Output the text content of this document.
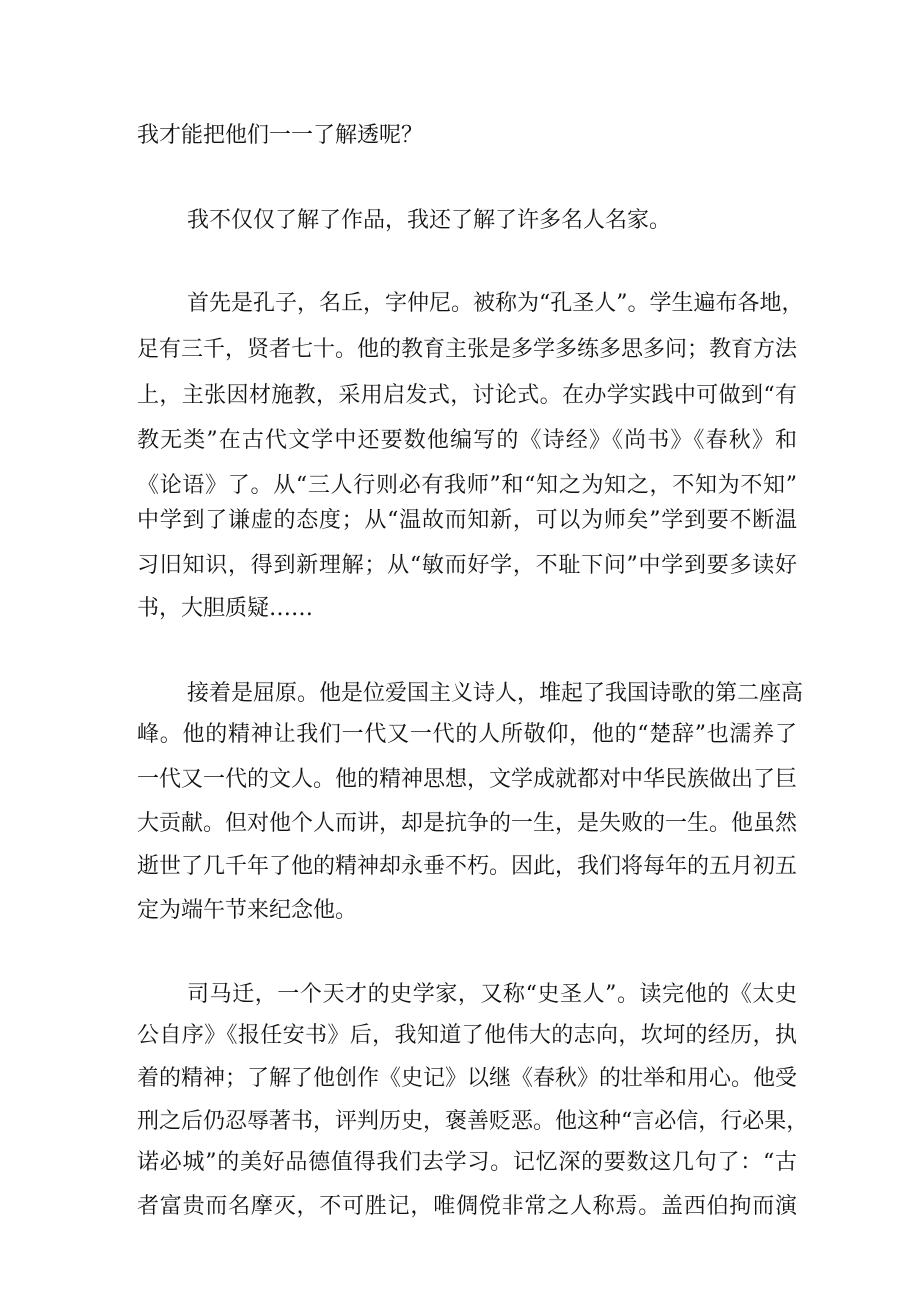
我才能把他们一一了解透呢？

我不仅仅了解了作品，我还了解了许多名人名家。

首先是孔子，名丘，字仲尼。被称为“孔圣人”。学生遍布各地，

足有三千，贤者七十。他的教育主张是多学多练多思多问；教育方法

上，主张因材施教，采用启发式，讨论式。在办学实践中可做到“有

教无类”在古代文学中还要数他编写的《诗经》《尚书》《春秋》和

《论语》了。从“三人行则必有我师”和“知之为知之，不知为不知”

中学到了谦虚的态度；从“温故而知新，可以为师矣”学到要不断温

习旧知识，得到新理解；从“敏而好学，不耻下问”中学到要多读好

书，大胆质疑……

接着是屈原。他是位爱国主义诗人，堆起了我国诗歌的第二座高

峰。他的精神让我们一代又一代的人所敬仰，他的“楚辞”也濡养了

一代又一代的文人。他的精神思想，文学成就都对中华民族做出了巨

大贡献。但对他个人而讲，却是抗争的一生，是失败的一生。他虽然

逝世了几千年了他的精神却永垂不朽。因此，我们将每年的五月初五

定为端午节来纪念他。

司马迁，一个天才的史学家，又称“史圣人”。读完他的《太史

公自序》《报任安书》后，我知道了他伟大的志向，坎坷的经历，执

着的精神；了解了他创作《史记》以继《春秋》的壮举和用心。他受

刑之后仍忍辱著书，评判历史，褒善贬恶。他这种“言必信，行必果，

诺必城”的美好品德值得我们去学习。记忆深的要数这几句了：“古

者富贵而名摩灭，不可胜记，唯倜傥非常之人称焉。盖西伯拘而演
